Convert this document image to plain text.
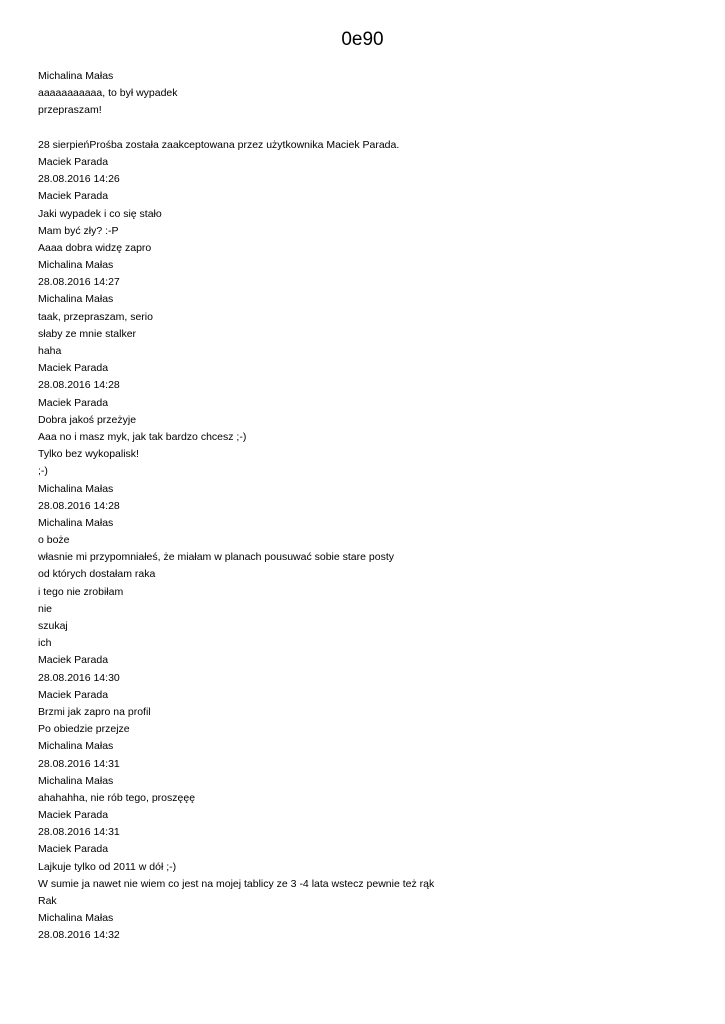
0e90
Michalina Małas
aaaaaaaaaaa, to był wypadek
przepraszam!
28 sierpieńProśba została zaakceptowana przez użytkownika Maciek Parada.
Maciek Parada
28.08.2016 14:26
Maciek Parada
Jaki wypadek i co się stało
Mam być zły? :-P
Aaaa dobra widzę zapro
Michalina Małas
28.08.2016 14:27
Michalina Małas
taak, przepraszam, serio
słaby ze mnie stalker
haha
Maciek Parada
28.08.2016 14:28
Maciek Parada
Dobra jakoś przeżyje
Aaa no i masz myk, jak tak bardzo chcesz ;-)
Tylko bez wykopalisk!
;-)
Michalina Małas
28.08.2016 14:28
Michalina Małas
o boże
własnie mi przypomniałeś, że miałam w planach pousuwać sobie stare posty
od których dostałam raka
i tego nie zrobiłam
nie
szukaj
ich
Maciek Parada
28.08.2016 14:30
Maciek Parada
Brzmi jak zapro na profil
Po obiedzie przejze
Michalina Małas
28.08.2016 14:31
Michalina Małas
ahahahha, nie rób tego, proszęęę
Maciek Parada
28.08.2016 14:31
Maciek Parada
Lajkuje tylko od 2011 w dół ;-)
W sumie ja nawet nie wiem co jest na mojej tablicy ze 3 -4 lata wstecz pewnie też rąk
Rak
Michalina Małas
28.08.2016 14:32
